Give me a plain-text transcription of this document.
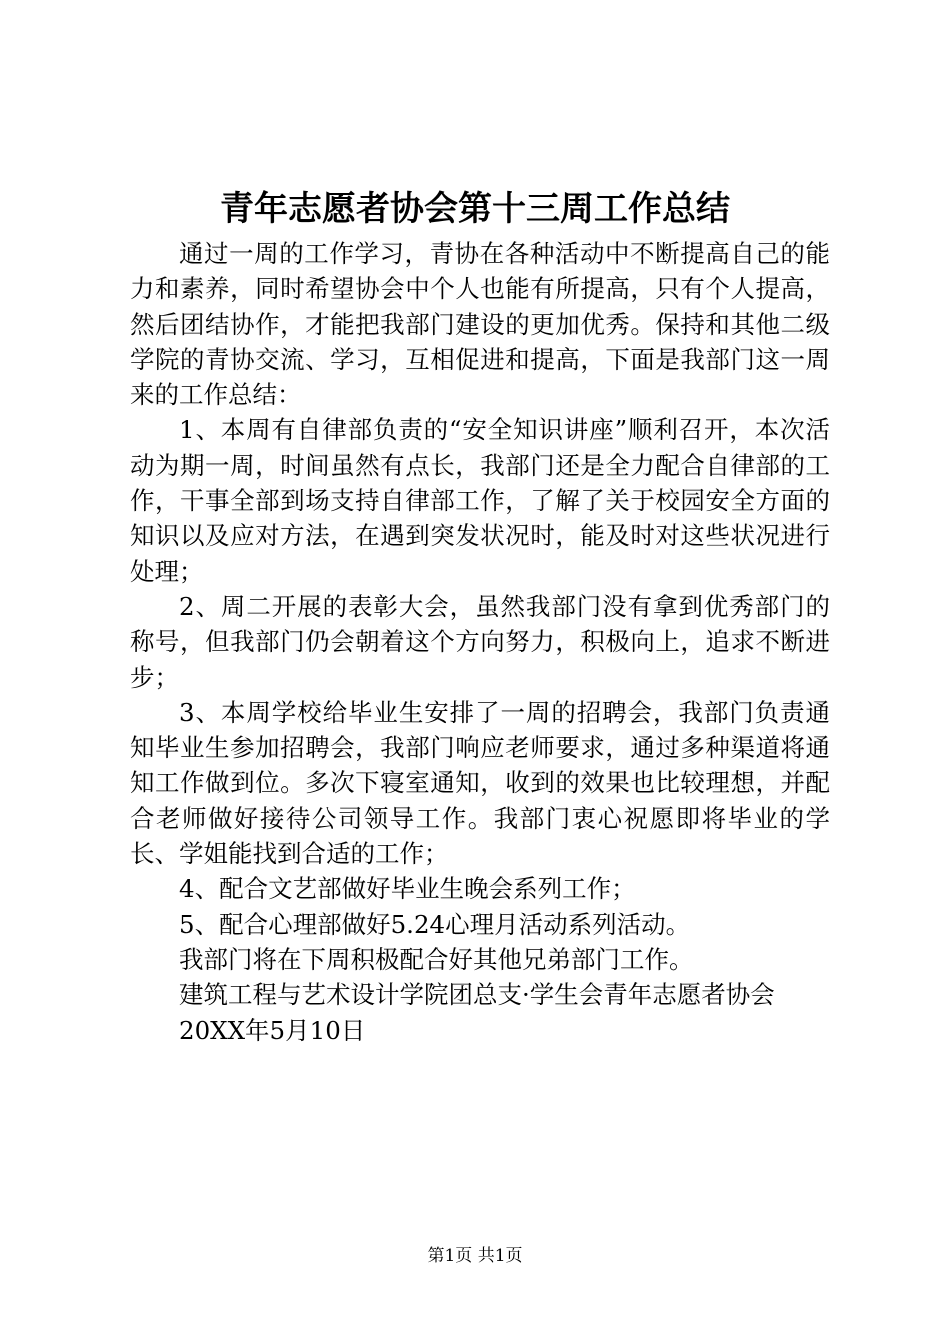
青年志愿者协会第十三周工作总结

通过一周的工作学习，青协在各种活动中不断提高自己的能力和素养，同时希望协会中个人也能有所提高，只有个人提高，然后团结协作，才能把我部门建设的更加优秀。保持和其他二级学院的青协交流、学习，互相促进和提高，下面是我部门这一周来的工作总结：

1、本周有自律部负责的“安全知识讲座”顺利召开，本次活动为期一周，时间虽然有点长，我部门还是全力配合自律部的工作，干事全部到场支持自律部工作，了解了关于校园安全方面的知识以及应对方法，在遇到突发状况时，能及时对这些状况进行处理；

2、周二开展的表彰大会，虽然我部门没有拿到优秀部门的称号，但我部门仍会朝着这个方向努力，积极向上，追求不断进步；

3、本周学校给毕业生安排了一周的招聘会，我部门负责通知毕业生参加招聘会，我部门响应老师要求，通过多种渠道将通知工作做到位。多次下寝室通知，收到的效果也比较理想，并配合老师做好接待公司领导工作。我部门衷心祝愿即将毕业的学长、学姐能找到合适的工作；

4、配合文艺部做好毕业生晚会系列工作；

5、配合心理部做好5.24心理月活动系列活动。

我部门将在下周积极配合好其他兄弟部门工作。

建筑工程与艺术设计学院团总支·学生会青年志愿者协会

20XX年5月10日

第1页 共1页
